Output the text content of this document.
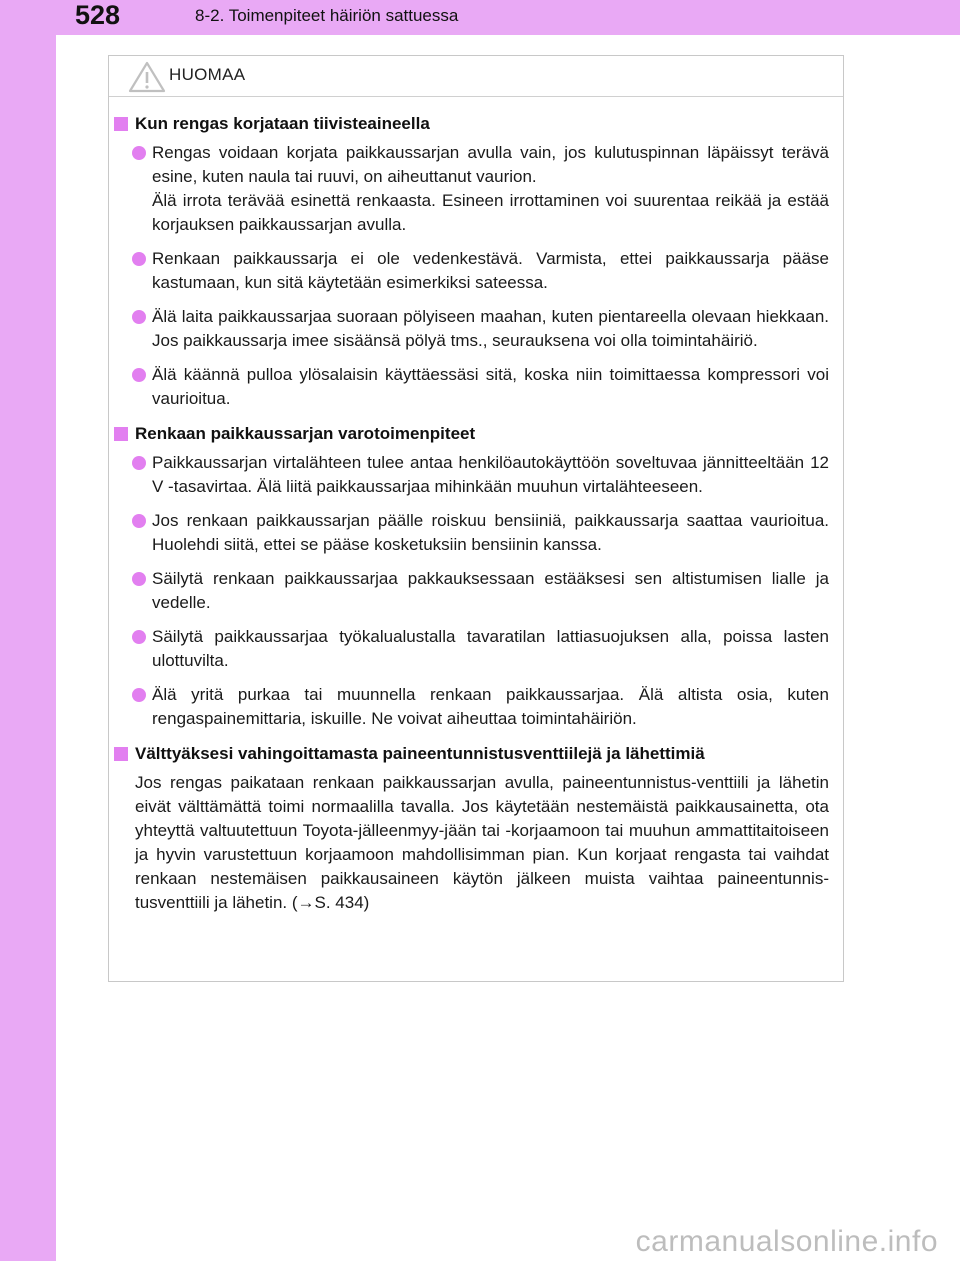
528	8-2. Toimenpiteet häiriön sattuessa
HUOMAA
Kun rengas korjataan tiivisteaineella

Rengas voidaan korjata paikkaussarjan avulla vain, jos kulutuspinnan läpäissyt terävä esine, kuten naula tai ruuvi, on aiheuttanut vaurion.

Älä irrota terävää esinettä renkaasta. Esineen irrottaminen voi suurentaa reikää ja estää korjauksen paikkaussarjan avulla.

Renkaan paikkaussarja ei ole vedenkestävä. Varmista, ettei paikkaussarja pääse kastumaan, kun sitä käytetään esimerkiksi sateessa.

Älä laita paikkaussarjaa suoraan pölyiseen maahan, kuten pientareella olevaan hiekkaan. Jos paikkaussarja imee sisäänsä pölyä tms., seurauksena voi olla toimintahäiriö.

Älä käännä pulloa ylösalaisin käyttäessäsi sitä, koska niin toimittaessa kompressori voi vaurioitua.

Renkaan paikkaussarjan varotoimenpiteet

Paikkaussarjan virtalähteen tulee antaa henkilöautokäyttöön soveltuvaa jännitteeltään 12 V -tasavirtaa. Älä liitä paikkaussarjaa mihinkään muuhun virtalähteeseen.

Jos renkaan paikkaussarjan päälle roiskuu bensiiniä, paikkaussarja saattaa vaurioitua. Huolehdi siitä, ettei se pääse kosketuksiin bensiinin kanssa.

Säilytä renkaan paikkaussarjaa pakkauksessaan estääksesi sen altistumisen lialle ja vedelle.

Säilytä paikkaussarjaa työkalualustalla tavaratilan lattiasuojuksen alla, poissa lasten ulottuvilta.

Älä yritä purkaa tai muunnella renkaan paikkaussarjaa. Älä altista osia, kuten rengaspainemittaria, iskuille. Ne voivat aiheuttaa toimintahäiriön.

Välttyäksesi vahingoittamasta paineentunnistusventtiilejä ja lähettimiä

Jos rengas paikataan renkaan paikkaussarjan avulla, paineentunnistus-venttiili ja lähetin eivät välttämättä toimi normaalilla tavalla. Jos käytetään nestemäistä paikkausainetta, ota yhteyttä valtuutettuun Toyota-jälleenmyy-jään tai -korjaamoon tai muuhun ammattitaitoiseen ja hyvin varustettuun korjaamoon mahdollisimman pian. Kun korjaat rengasta tai vaihdat renkaan nestemäisen paikkausaineen käytön jälkeen muista vaihtaa paineentunnis-tusventtiili ja lähetin. (→S. 434)

carmanualsonline.info
